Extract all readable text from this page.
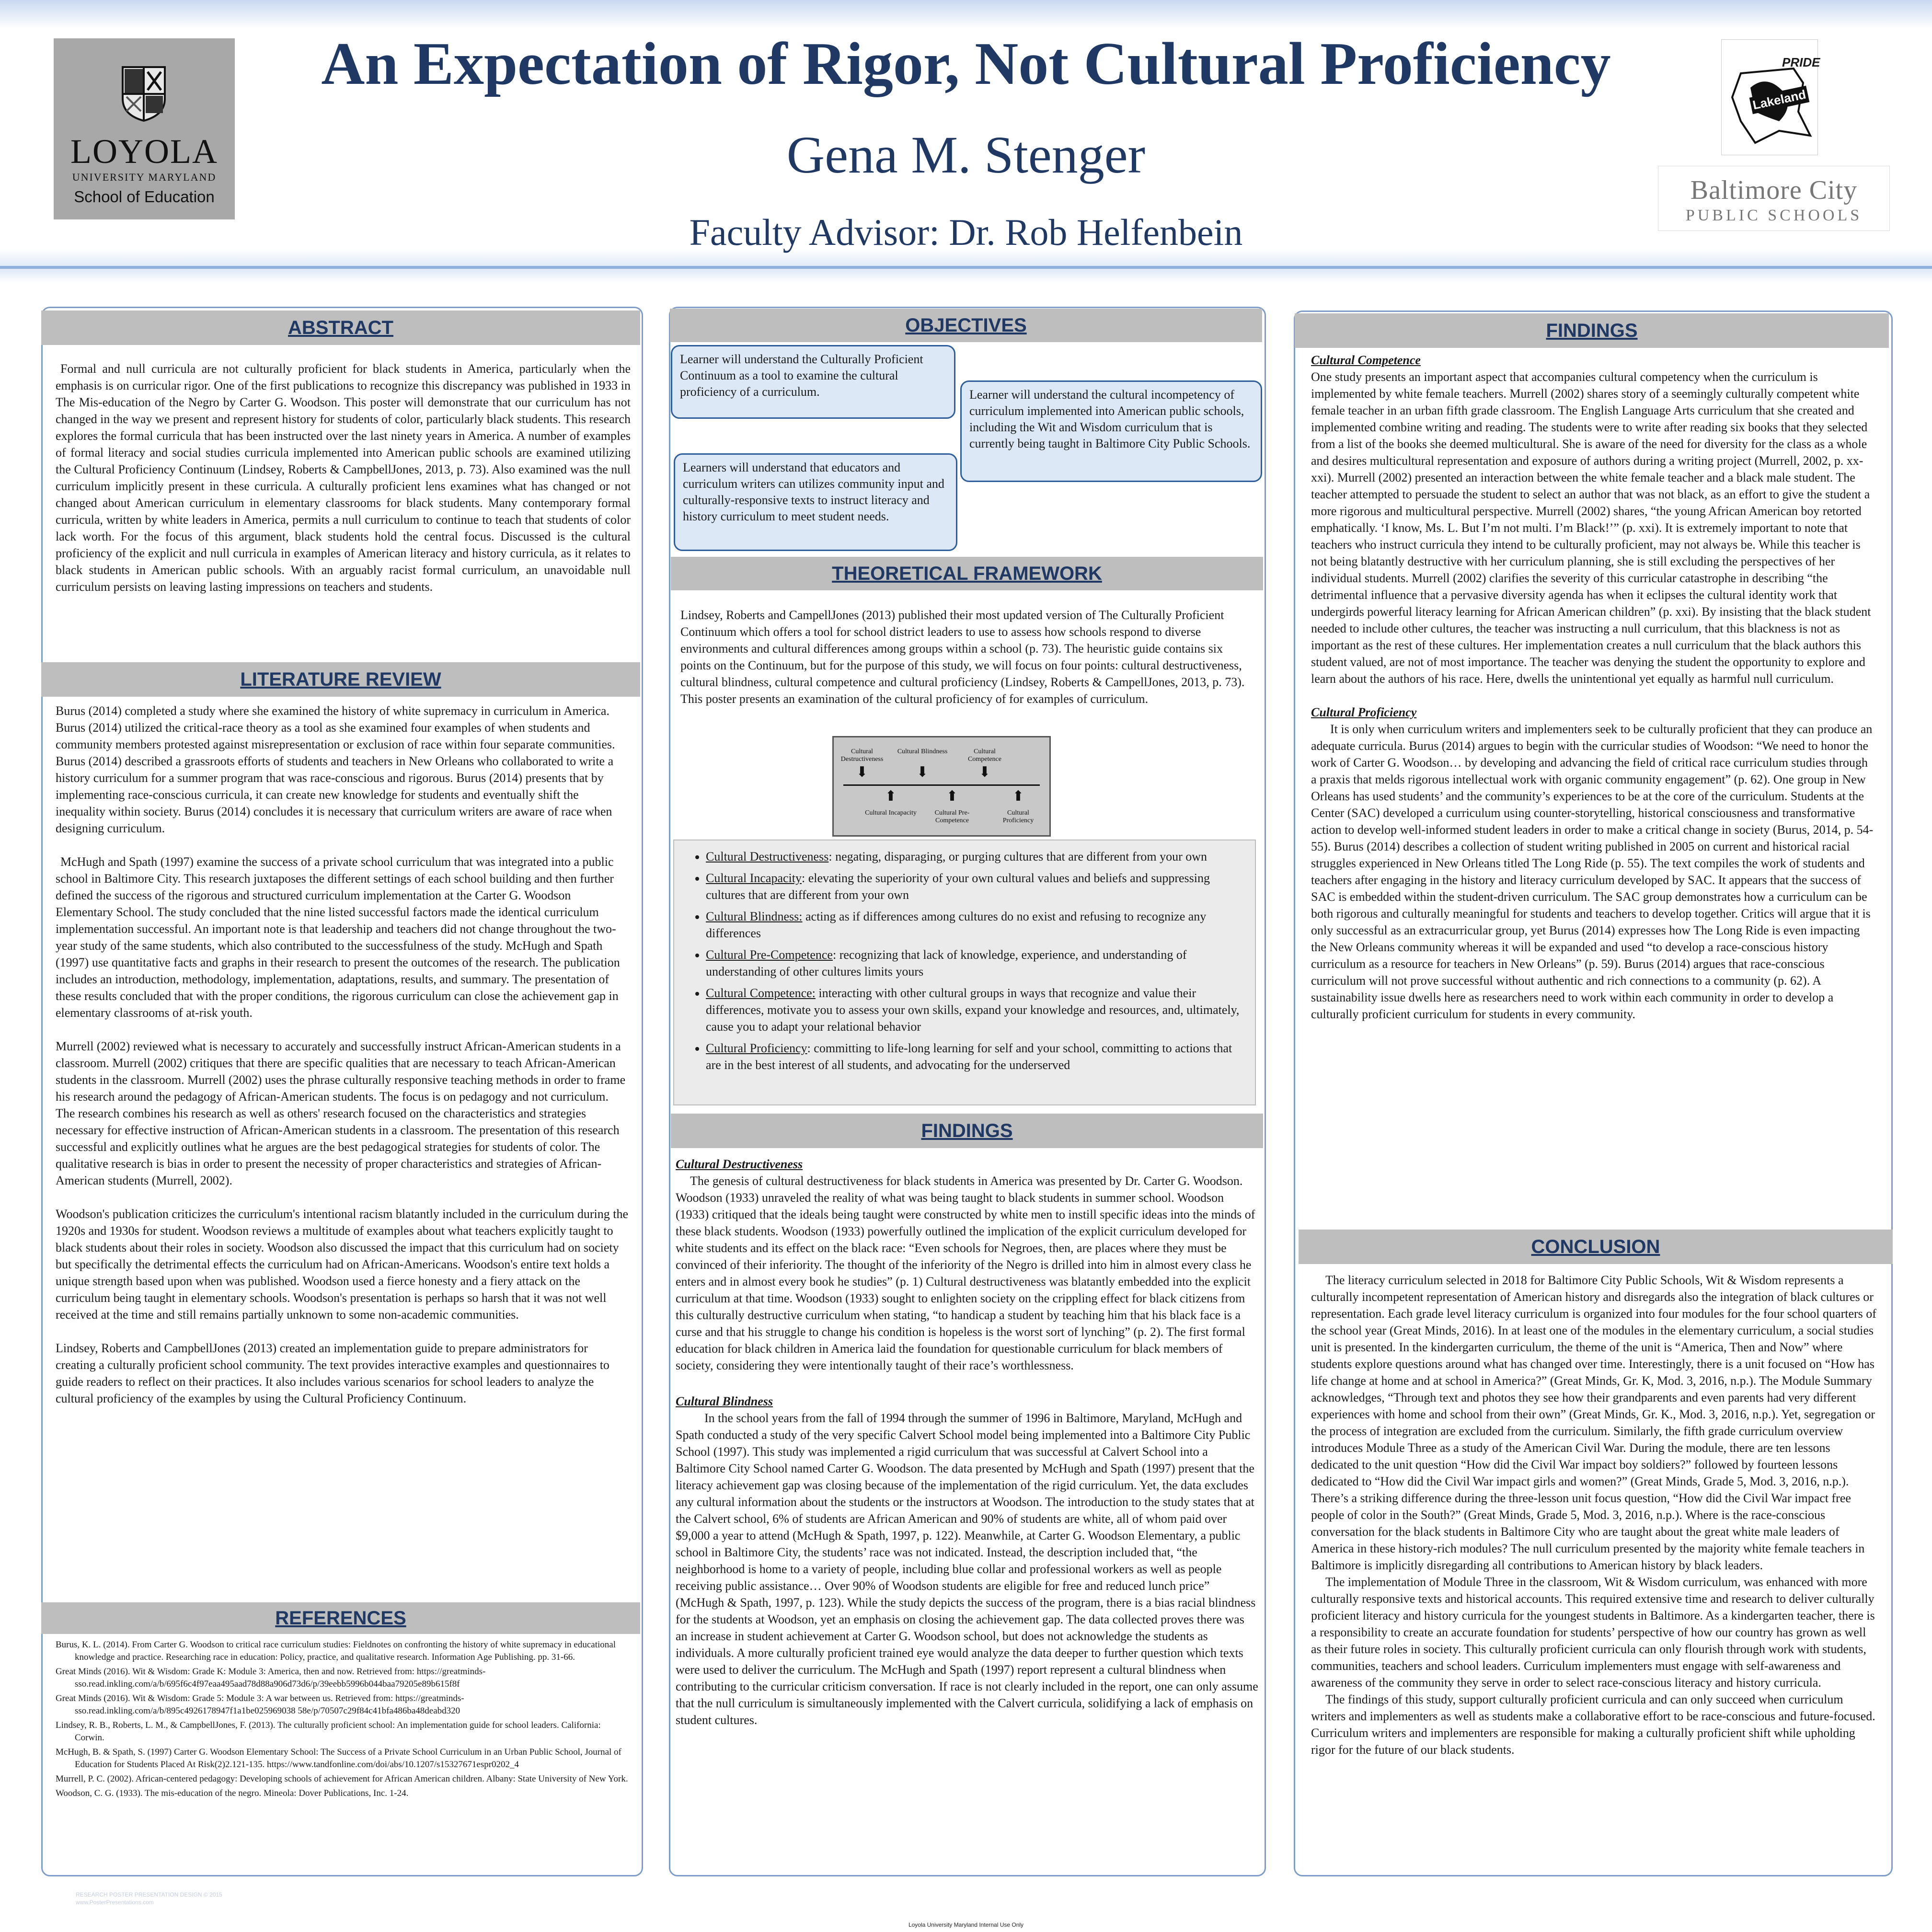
LOYOLA
UNIVERSITY MARYLAND
School of Education
An Expectation of Rigor, Not Cultural Proficiency
Gena M. Stenger
Faculty Advisor: Dr. Rob Helfenbein
PRIDE
Lakeland
Baltimore City
PUBLIC SCHOOLS
ABSTRACT
Formal and null curricula are not culturally proficient for black students in America, particularly when the emphasis is on curricular rigor. One of the first publications to recognize this discrepancy was published in 1933 in The Mis-education of the Negro by Carter G. Woodson. This poster will demonstrate that our curriculum has not changed in the way we present and represent history for students of color, particularly black students. This research explores the formal curricula that has been instructed over the last ninety years in America. A number of examples of formal literacy and social studies curricula implemented into American public schools are examined utilizing the Cultural Proficiency Continuum (Lindsey, Roberts & CampbellJones, 2013, p. 73). Also examined was the null curriculum implicitly present in these curricula. A culturally proficient lens examines what has changed or not changed about American curriculum in elementary classrooms for black students. Many contemporary formal curricula, written by white leaders in America, permits a null curriculum to continue to teach that students of color lack worth. For the focus of this argument, black students hold the central focus. Discussed is the cultural proficiency of the explicit and null curricula in examples of American literacy and history curricula, as it relates to black students in American public schools. With an arguably racist formal curriculum, an unavoidable null curriculum persists on leaving lasting impressions on teachers and students.
LITERATURE REVIEW

Burus (2014) completed a study where she examined the history of white supremacy in curriculum in America. Burus (2014) utilized the critical-race theory as a tool as she examined four examples of when students and community members protested against misrepresentation or exclusion of race within four separate communities. Burus (2014) described a grassroots efforts of students and teachers in New Orleans who collaborated to write a history curriculum for a summer program that was race-conscious and rigorous. Burus (2014) presents that by implementing race-conscious curricula, it can create new knowledge for students and eventually shift the inequality within society. Burus (2014) concludes it is necessary that curriculum writers are aware of race when designing curriculum.

McHugh and Spath (1997) examine the success of a private school curriculum that was integrated into a public school in Baltimore City. This research juxtaposes the different settings of each school building and then further defined the success of the rigorous and structured curriculum implementation at the Carter G. Woodson Elementary School. The study concluded that the nine listed successful factors made the identical curriculum implementation successful. An important note is that leadership and teachers did not change throughout the two-year study of the same students, which also contributed to the successfulness of the study. McHugh and Spath (1997) use quantitative facts and graphs in their research to present the outcomes of the research. The publication includes an introduction, methodology, implementation, adaptations, results, and summary. The presentation of these results concluded that with the proper conditions, the rigorous curriculum can close the achievement gap in elementary classrooms of at-risk youth.

Murrell (2002) reviewed what is necessary to accurately and successfully instruct African-American students in a classroom. Murrell (2002) critiques that there are specific qualities that are necessary to teach African-American students in the classroom. Murrell (2002) uses the phrase culturally responsive teaching methods in order to frame his research around the pedagogy of African-American students. The focus is on pedagogy and not curriculum. The research combines his research as well as others' research focused on the characteristics and strategies necessary for effective instruction of African-American students in a classroom. The presentation of this research successful and explicitly outlines what he argues are the best pedagogical strategies for students of color. The qualitative research is bias in order to present the necessity of proper characteristics and strategies of African-American students (Murrell, 2002).

Woodson's publication criticizes the curriculum's intentional racism blatantly included in the curriculum during the 1920s and 1930s for student. Woodson reviews a multitude of examples about what teachers explicitly taught to black students about their roles in society. Woodson also discussed the impact that this curriculum had on society but specifically the detrimental effects the curriculum had on African-Americans. Woodson's entire text holds a unique strength based upon when was published. Woodson used a fierce honesty and a fiery attack on the curriculum being taught in elementary schools. Woodson's presentation is perhaps so harsh that it was not well received at the time and still remains partially unknown to some non-academic communities.

Lindsey, Roberts and CampbellJones (2013) created an implementation guide to prepare administrators for creating a culturally proficient school community. The text provides interactive examples and questionnaires to guide readers to reflect on their practices. It also includes various scenarios for school leaders to analyze the cultural proficiency of the examples by using the Cultural Proficiency Continuum.

REFERENCES

Burus, K. L. (2014). From Carter G. Woodson to critical race curriculum studies: Fieldnotes on confronting the history of white supremacy in educational knowledge and practice. Researching race in education: Policy, practice, and qualitative research. Information Age Publishing. pp. 31-66.

Great Minds (2016). Wit & Wisdom: Grade K: Module 3: America, then and now. Retrieved from: https://greatminds-sso.read.inkling.com/a/b/695f6c4f97eaa495aad78d88a906d73d6/p/39eebb5996b044baa79205e89b615f8f

Great Minds (2016). Wit & Wisdom: Grade 5: Module 3: A war between us. Retrieved from: https://greatminds-sso.read.inkling.com/a/b/895c4926178947f1a1be025969038 58e/p/70507c29f84c41bfa486ba48deabd320

Lindsey, R. B., Roberts, L. M., & CampbellJones, F. (2013). The culturally proficient school: An implementation guide for school leaders. California: Corwin.

McHugh, B. & Spath, S. (1997) Carter G. Woodson Elementary School: The Success of a Private School Curriculum in an Urban Public School, Journal of Education for Students Placed At Risk(2)2.121-135. https://www.tandfonline.com/doi/abs/10.1207/s15327671espr0202_4

Murrell, P. C. (2002). African-centered pedagogy: Developing schools of achievement for African American children. Albany: State University of New York.

Woodson, C. G. (1933). The mis-education of the negro. Mineola: Dover Publications, Inc. 1-24.

OBJECTIVES
Learner will understand the Culturally Proficient Continuum as a tool to examine the cultural proficiency of a curriculum.	Learner will understand the cultural incompetency of curriculum implemented into American public schools, including the Wit and Wisdom curriculum that is currently being taught in Baltimore City Public Schools.
Learners will understand that educators and curriculum writers can utilizes community input and culturally-responsive texts to instruct literacy and history curriculum to meet student needs.
THEORETICAL FRAMEWORK
Lindsey, Roberts and CampellJones (2013) published their most updated version of The Culturally Proficient Continuum which offers a tool for school district leaders to use to assess how schools respond to diverse environments and cultural differences among groups within a school (p. 73). The heuristic guide contains six points on the Continuum, but for the purpose of this study, we will focus on four points: cultural destructiveness, cultural blindness, cultural competence and cultural proficiency (Lindsey, Roberts & CampellJones, 2013, p. 73). This poster presents an examination of the cultural proficiency of for examples of curriculum.
Cultural Destructiveness
Cultural Blindness	Cultural Competence
⬇	⬇	⬇
⬆	⬆	⬆
Cultural Incapacity	Cultural Pre-Competence
Cultural Proficiency
• Cultural Destructiveness: negating, disparaging, or purging cultures that are different from your own
• Cultural Incapacity: elevating the superiority of your own cultural values and beliefs and suppressing cultures that are different from your own
• Cultural Blindness: acting as if differences among cultures do no exist and refusing to recognize any differences
• Cultural Pre-Competence: recognizing that lack of knowledge, experience, and understanding of understanding of other cultures limits yours
• Cultural Competence: interacting with other cultural groups in ways that recognize and value their differences, motivate you to assess your own skills, expand your knowledge and resources, and, ultimately, cause you to adapt your relational behavior
• Cultural Proficiency: committing to life-long learning for self and your school, committing to actions that are in the best interest of all students, and advocating for the underserved
FINDINGS
Cultural Destructiveness

The genesis of cultural destructiveness for black students in America was presented by Dr. Carter G. Woodson. Woodson (1933) unraveled the reality of what was being taught to black students in summer school. Woodson (1933) critiqued that the ideals being taught were constructed by white men to instill specific ideas into the minds of these black students. Woodson (1933) powerfully outlined the implication of the explicit curriculum developed for white students and its effect on the black race: “Even schools for Negroes, then, are places where they must be convinced of their inferiority. The thought of the inferiority of the Negro is drilled into him in almost every class he enters and in almost every book he studies” (p. 1) Cultural destructiveness was blatantly embedded into the explicit curriculum at that time. Woodson (1933) sought to enlighten society on the crippling effect for black citizens from this culturally destructive curriculum when stating, “to handicap a student by teaching him that his black face is a curse and that his struggle to change his condition is hopeless is the worst sort of lynching” (p. 2). The first formal education for black children in America laid the foundation for questionable curriculum for black members of society, considering they were intentionally taught of their race’s worthlessness.

Cultural Blindness

In the school years from the fall of 1994 through the summer of 1996 in Baltimore, Maryland, McHugh and Spath conducted a study of the very specific Calvert School model being implemented into a Baltimore City Public School (1997). This study was implemented a rigid curriculum that was successful at Calvert School into a Baltimore City School named Carter G. Woodson. The data presented by McHugh and Spath (1997) present that the literacy achievement gap was closing because of the implementation of the rigid curriculum. Yet, the data excludes any cultural information about the students or the instructors at Woodson. The introduction to the study states that at the Calvert school, 6% of students are African American and 90% of students are white, all of whom paid over $9,000 a year to attend (McHugh & Spath, 1997, p. 122). Meanwhile, at Carter G. Woodson Elementary, a public school in Baltimore City, the students’ race was not indicated. Instead, the description included that, “the neighborhood is home to a variety of people, including blue collar and professional workers as well as people receiving public assistance… Over 90% of Woodson students are eligible for free and reduced lunch price” (McHugh & Spath, 1997, p. 123). While the study depicts the success of the program, there is a bias racial blindness for the students at Woodson, yet an emphasis on closing the achievement gap. The data collected proves there was an increase in student achievement at Carter G. Woodson school, but does not acknowledge the students as individuals. A more culturally proficient trained eye would analyze the data deeper to further question which texts were used to deliver the curriculum. The McHugh and Spath (1997) report represent a cultural blindness when contributing to the curricular criticism conversation. If race is not clearly included in the report, one can only assume that the null curriculum is simultaneously implemented with the Calvert curricula, solidifying a lack of emphasis on student cultures.

FINDINGS
Cultural Competence

One study presents an important aspect that accompanies cultural competency when the curriculum is implemented by white female teachers. Murrell (2002) shares story of a seemingly culturally competent white female teacher in an urban fifth grade classroom. The English Language Arts curriculum that she created and implemented combine writing and reading. The students were to write after reading six books that they selected from a list of the books she deemed multicultural. She is aware of the need for diversity for the class as a whole and desires multicultural representation and exposure of authors during a writing project (Murrell, 2002, p. xx-xxi). Murrell (2002) presented an interaction between the white female teacher and a black male student. The teacher attempted to persuade the student to select an author that was not black, as an effort to give the student a more rigorous and multicultural perspective. Murrell (2002) shares, “the young African American boy retorted emphatically. ‘I know, Ms. L. But I’m not multi. I’m Black!’” (p. xxi). It is extremely important to note that teachers who instruct curricula they intend to be culturally proficient, may not always be. While this teacher is not being blatantly destructive with her curriculum planning, she is still excluding the perspectives of her individual students. Murrell (2002) clarifies the severity of this curricular catastrophe in describing “the detrimental influence that a pervasive diversity agenda has when it eclipses the cultural identity work that undergirds powerful literacy learning for African American children” (p. xxi). By insisting that the black student needed to include other cultures, the teacher was instructing a null curriculum, that this blackness is not as important as the rest of these cultures. Her implementation creates a null curriculum that the black authors this student valued, are not of most importance. The teacher was denying the student the opportunity to explore and learn about the authors of his race. Here, dwells the unintentional yet equally as harmful null curriculum.

Cultural Proficiency

It is only when curriculum writers and implementers seek to be culturally proficient that they can produce an adequate curricula. Burus (2014) argues to begin with the curricular studies of Woodson: “We need to honor the work of Carter G. Woodson… by developing and advancing the field of critical race curriculum studies through a praxis that melds rigorous intellectual work with organic community engagement” (p. 62). One group in New Orleans has used students’ and the community’s experiences to be at the core of the curriculum. Students at the Center (SAC) developed a curriculum using counter-storytelling, historical consciousness and transformative action to develop well-informed student leaders in order to make a critical change in society (Burus, 2014, p. 54-55). Burus (2014) describes a collection of student writing published in 2005 on current and historical racial struggles experienced in New Orleans titled The Long Ride (p. 55). The text compiles the work of students and teachers after engaging in the history and literacy curriculum developed by SAC. It appears that the success of SAC is embedded within the student-driven curriculum. The SAC group demonstrates how a curriculum can be both rigorous and culturally meaningful for students and teachers to develop together. Critics will argue that it is only successful as an extracurricular group, yet Burus (2014) expresses how The Long Ride is even impacting the New Orleans community whereas it will be expanded and used “to develop a race-conscious history curriculum as a resource for teachers in New Orleans” (p. 59). Burus (2014) argues that race-conscious curriculum will not prove successful without authentic and rich connections to a community (p. 62). A sustainability issue dwells here as researchers need to work within each community in order to develop a culturally proficient curriculum for students in every community.

CONCLUSION

The literacy curriculum selected in 2018 for Baltimore City Public Schools, Wit & Wisdom represents a culturally incompetent representation of American history and disregards also the integration of black cultures or representation. Each grade level literacy curriculum is organized into four modules for the four school quarters of the school year (Great Minds, 2016). In at least one of the modules in the elementary curriculum, a social studies unit is presented. In the kindergarten curriculum, the theme of the unit is “America, Then and Now” where students explore questions around what has changed over time. Interestingly, there is a unit focused on “How has life change at home and at school in America?” (Great Minds, Gr. K, Mod. 3, 2016, n.p.). The Module Summary acknowledges, “Through text and photos they see how their grandparents and even parents had very different experiences with home and school from their own” (Great Minds, Gr. K., Mod. 3, 2016, n.p.). Yet, segregation or the process of integration are excluded from the curriculum. Similarly, the fifth grade curriculum overview introduces Module Three as a study of the American Civil War. During the module, there are ten lessons dedicated to the unit question “How did the Civil War impact boy soldiers?” followed by fourteen lessons dedicated to “How did the Civil War impact girls and women?” (Great Minds, Grade 5, Mod. 3, 2016, n.p.). There’s a striking difference during the three-lesson unit focus question, “How did the Civil War impact free people of color in the South?” (Great Minds, Grade 5, Mod. 3, 2016, n.p.). Where is the race-conscious conversation for the black students in Baltimore City who are taught about the great white male leaders of America in these history-rich modules? The null curriculum presented by the majority white female teachers in Baltimore is implicitly disregarding all contributions to American history by black leaders.

The implementation of Module Three in the classroom, Wit & Wisdom curriculum, was enhanced with more culturally responsive texts and historical accounts. This required extensive time and research to deliver culturally proficient literacy and history curricula for the youngest students in Baltimore. As a kindergarten teacher, there is a responsibility to create an accurate foundation for students’ perspective of how our country has grown as well as their future roles in society. This culturally proficient curricula can only flourish through work with students, communities, teachers and school leaders. Curriculum implementers must engage with self-awareness and awareness of the community they serve in order to select race-conscious literacy and history curricula.

The findings of this study, support culturally proficient curricula and can only succeed when curriculum writers and implementers as well as students make a collaborative effort to be race-conscious and future-focused. Curriculum writers and implementers are responsible for making a culturally proficient shift while upholding rigor for the future of our black students.

RESEARCH POSTER PRESENTATION DESIGN © 2015
www.PosterPresentations.com
Loyola University Maryland Internal Use Only
